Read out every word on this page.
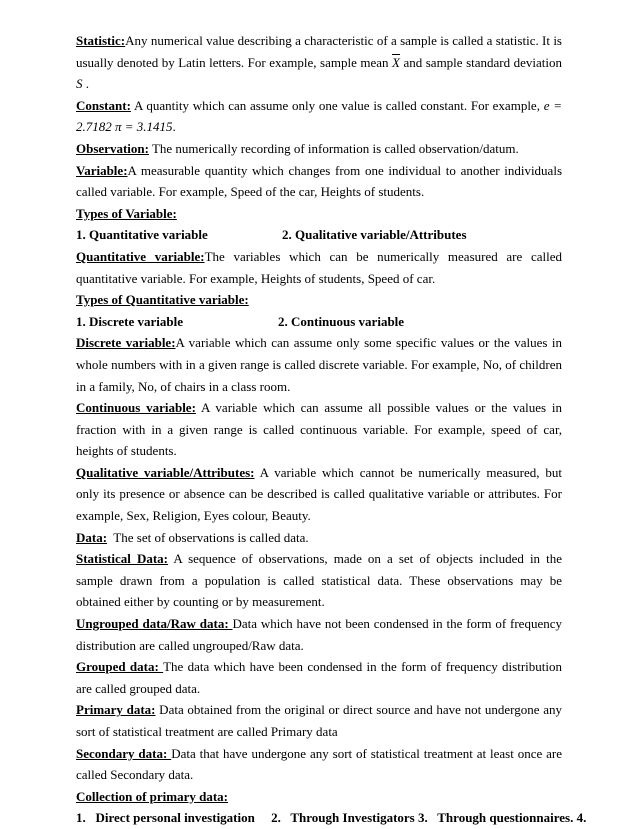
Statistic:Any numerical value describing a characteristic of a sample is called a statistic. It is usually denoted by Latin letters. For example, sample mean $\overline{X}$ and sample standard deviation S .

Constant: A quantity which can assume only one value is called constant. For example, e = 2.7182 π = 3.1415.

Observation: The numerically recording of information is called observation/datum.

Variable:A measurable quantity which changes from one individual to another individuals called variable. For example, Speed of the car, Heights of students.

Types of Variable:

1. Quantitative variable	2. Qualitative variable/Attributes

Quantitative variable:The variables which can be numerically measured are called quantitative variable. For example, Heights of students, Speed of car.

Types of Quantitative variable:

1. Discrete variable	2. Continuous variable

Discrete variable:A variable which can assume only some specific values or the values in whole numbers with in a given range is called discrete variable. For example, No, of children in a family, No, of chairs in a class room.

Continuous variable: A variable which can assume all possible values or the values in fraction with in a given range is called continuous variable. For example, speed of car, heights of students.

Qualitative variable/Attributes: A variable which cannot be numerically measured, but only its presence or absence can be described is called qualitative variable or attributes. For example, Sex, Religion, Eyes colour, Beauty.

Data:  The set of observations is called data.

Statistical Data: A sequence of observations, made on a set of objects included in the sample drawn from a population is called statistical data. These observations may be obtained either by counting or by measurement.

Ungrouped data/Raw data: Data which have not been condensed in the form of frequency distribution are called ungrouped/Raw data.

Grouped data: The data which have been condensed in the form of frequency distribution are called grouped data.

Primary data: Data obtained from the original or direct source and have not undergone any sort of statistical treatment are called Primary data

Secondary data: Data that have undergone any sort of statistical treatment at least once are called Secondary data.

Collection of primary data:

1.   Direct personal investigation     2.   Through Investigators 3.   Through questionnaires. 4.
